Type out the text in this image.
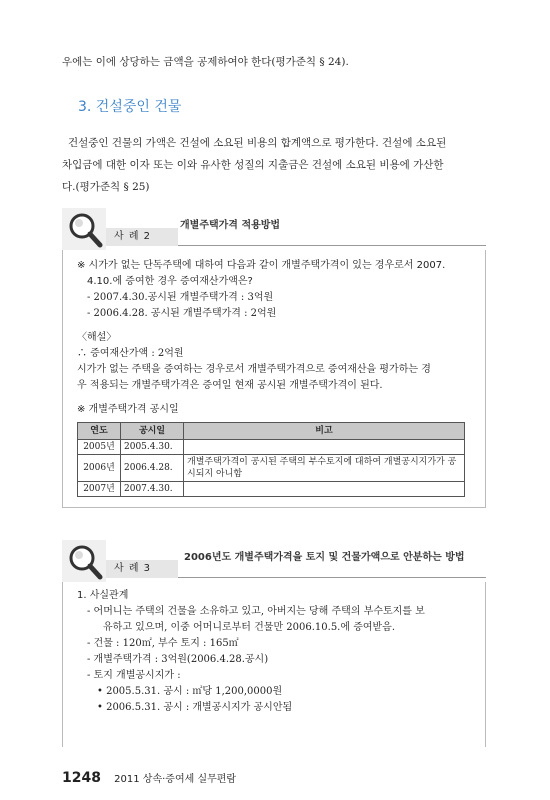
우에는 이에 상당하는 금액을 공제하여야 한다(평가준칙 § 24).
3. 건설중인 건물

건설중인 건물의 가액은 건설에 소요된 비용의 합계액으로 평가한다. 건설에 소요된

차입금에 대한 이자 또는 이와 유사한 성질의 지출금은 건설에 소요된 비용에 가산한
다.(평가준칙 § 25)
사 례 2
개별주택가격 적용방법
※ 시가가 없는 단독주택에 대하여 다음과 같이 개별주택가격이 있는 경우로서 2007.
4.10.에 증여한 경우 증여재산가액은?
- 2007.4.30.공시된 개별주택가격 : 3억원
- 2006.4.28. 공시된 개별주택가격 : 2억원
〈해설〉
∴ 증여재산가액 : 2억원
시가가 없는 주택을 증여하는 경우로서 개별주택가격으로 증여재산을 평가하는 경
우 적용되는 개별주택가격은 증여일 현재 공시된 개별주택가격이 된다.
※ 개별주택가격 공시일
연도	공시일	비고
2005년	2005.4.30.	
2006년	2006.4.28.	개별주택가격이 공시된 주택의 부수토지에 대하여 개별공시지가가 공시되지 아니함
2007년	2007.4.30.	
사 례 3
2006년도 개별주택가격을 토지 및 건물가액으로 안분하는 방법
1. 사실관계
- 어머니는 주택의 건물을 소유하고 있고, 아버지는 당해 주택의 부수토지를 보
유하고 있으며, 이중 어머니로부터 건물만 2006.10.5.에 증여받음.
- 건물 : 120㎡, 부수 토지 : 165㎡
- 개별주택가격 : 3억원(2006.4.28.공시)
- 토지 개별공시지가 :
• 2005.5.31. 공시 : ㎡당 1,200,0000원
• 2006.5.31. 공시 : 개별공시지가 공시안됨
1248 2011 상속·증여세 실무편람
